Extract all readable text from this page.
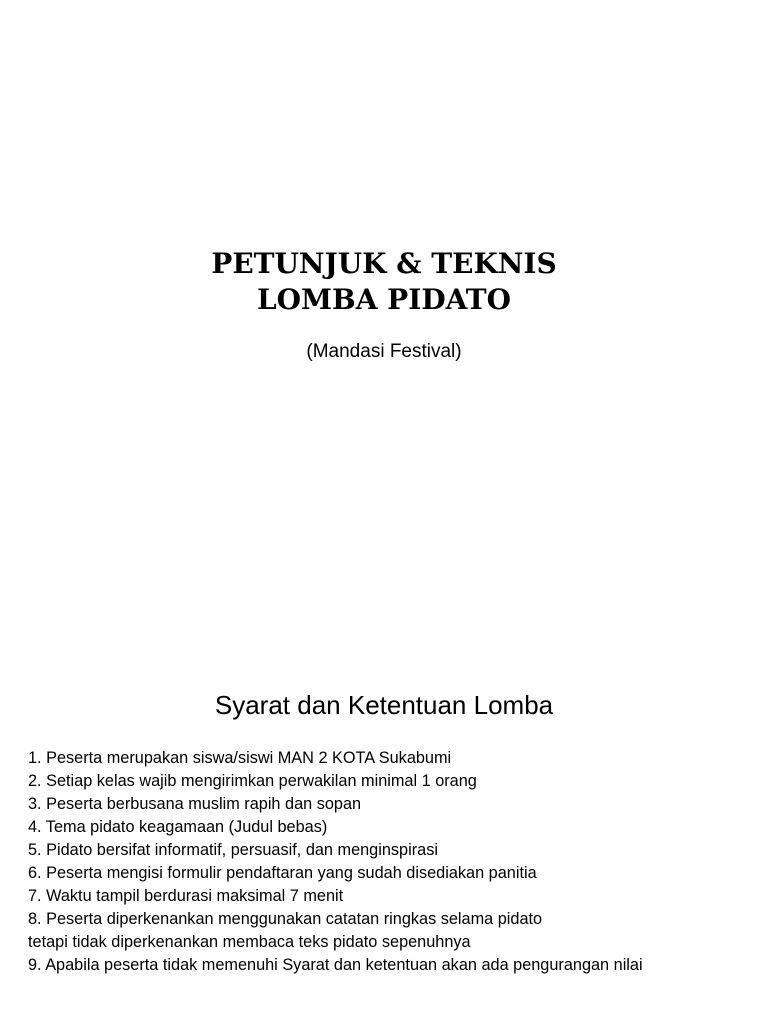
PETUNJUK & TEKNIS
LOMBA PIDATO
(Mandasi Festival)
Syarat dan Ketentuan Lomba
1. Peserta merupakan siswa/siswi MAN 2 KOTA Sukabumi
2. Setiap kelas wajib mengirimkan perwakilan minimal 1 orang
3. Peserta berbusana muslim rapih dan sopan
4. Tema pidato keagamaan (Judul bebas)
5. Pidato bersifat informatif, persuasif, dan menginspirasi
6. Peserta mengisi formulir pendaftaran yang sudah disediakan panitia
7. Waktu tampil berdurasi maksimal 7 menit
8. Peserta diperkenankan menggunakan catatan ringkas selama pidato
tetapi tidak diperkenankan membaca teks pidato sepenuhnya
9. Apabila peserta tidak memenuhi Syarat dan ketentuan akan ada pengurangan nilai
